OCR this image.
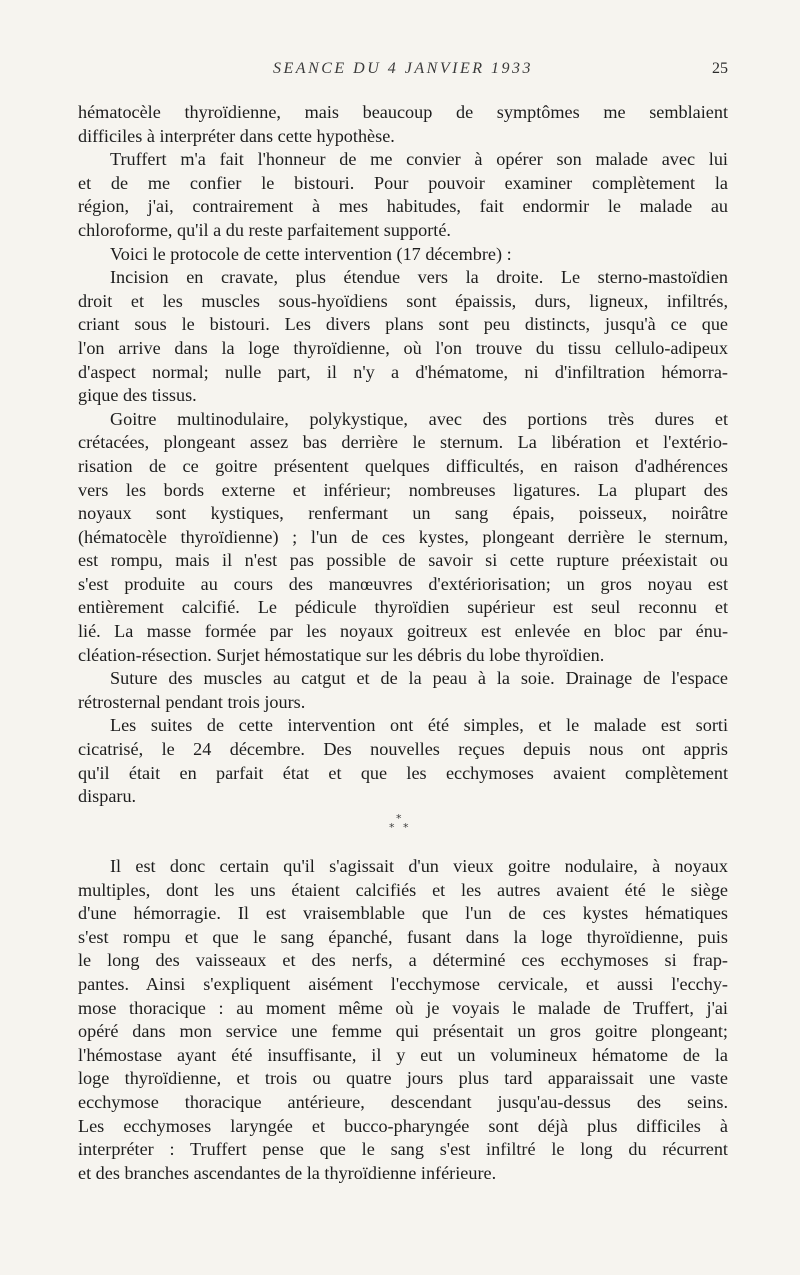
SEANCE DU 4 JANVIER 1933	25
hématocèle thyroïdienne, mais beaucoup de symptômes me semblaient
difficiles à interpréter dans cette hypothèse.
Truffert m'a fait l'honneur de me convier à opérer son malade avec lui
et de me confier le bistouri. Pour pouvoir examiner complètement la
région, j'ai, contrairement à mes habitudes, fait endormir le malade au
chloroforme, qu'il a du reste parfaitement supporté.
Voici le protocole de cette intervention (17 décembre) :
Incision en cravate, plus étendue vers la droite. Le sterno-mastoïdien
droit et les muscles sous-hyoïdiens sont épaissis, durs, ligneux, infiltrés,
criant sous le bistouri. Les divers plans sont peu distincts, jusqu'à ce que
l'on arrive dans la loge thyroïdienne, où l'on trouve du tissu cellulo-adipeux
d'aspect normal; nulle part, il n'y a d'hématome, ni d'infiltration hémorra-
gique des tissus.
Goitre multinodulaire, polykystique, avec des portions très dures et
crétacées, plongeant assez bas derrière le sternum. La libération et l'extério-
risation de ce goitre présentent quelques difficultés, en raison d'adhérences
vers les bords externe et inférieur; nombreuses ligatures. La plupart des
noyaux sont kystiques, renfermant un sang épais, poisseux, noirâtre
(hématocèle thyroïdienne) ; l'un de ces kystes, plongeant derrière le sternum,
est rompu, mais il n'est pas possible de savoir si cette rupture préexistait ou
s'est produite au cours des manœuvres d'extériorisation; un gros noyau est
entièrement calcifié. Le pédicule thyroïdien supérieur est seul reconnu et
lié. La masse formée par les noyaux goitreux est enlevée en bloc par énu-
cléation-résection. Surjet hémostatique sur les débris du lobe thyroïdien.
Suture des muscles au catgut et de la peau à la soie. Drainage de l'espace
rétrosternal pendant trois jours.
Les suites de cette intervention ont été simples, et le malade est sorti
cicatrisé, le 24 décembre. Des nouvelles reçues depuis nous ont appris
qu'il était en parfait état et que les ecchymoses avaient complètement
disparu.
*
* *
Il est donc certain qu'il s'agissait d'un vieux goitre nodulaire, à noyaux
multiples, dont les uns étaient calcifiés et les autres avaient été le siège
d'une hémorragie. Il est vraisemblable que l'un de ces kystes hématiques
s'est rompu et que le sang épanché, fusant dans la loge thyroïdienne, puis
le long des vaisseaux et des nerfs, a déterminé ces ecchymoses si frap-
pantes. Ainsi s'expliquent aisément l'ecchymose cervicale, et aussi l'ecchy-
mose thoracique : au moment même où je voyais le malade de Truffert, j'ai
opéré dans mon service une femme qui présentait un gros goitre plongeant;
l'hémostase ayant été insuffisante, il y eut un volumineux hématome de la
loge thyroïdienne, et trois ou quatre jours plus tard apparaissait une vaste
ecchymose thoracique antérieure, descendant jusqu'au-dessus des seins.
Les ecchymoses laryngée et bucco-pharyngée sont déjà plus difficiles à
interpréter : Truffert pense que le sang s'est infiltré le long du récurrent
et des branches ascendantes de la thyroïdienne inférieure.
